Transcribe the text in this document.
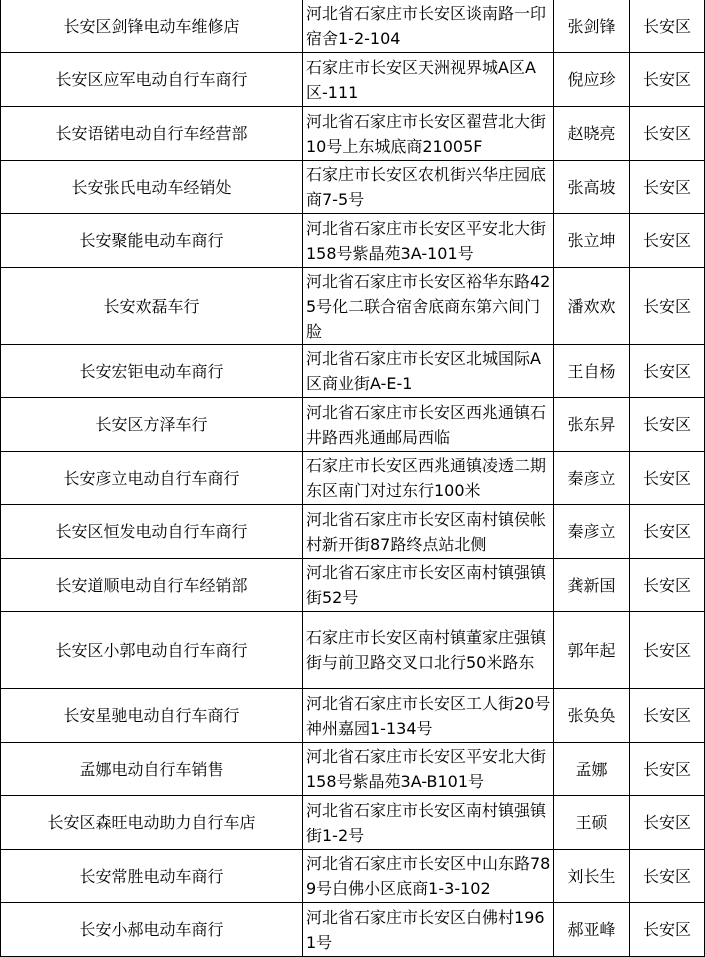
长安区剑锋电动车维修店	河北省石家庄市长安区谈南路一印宿舍1-2-104	张剑锋	长安区
长安区应军电动自行车商行	石家庄市长安区天洲视界城A区A区-111	倪应珍	长安区
长安语锘电动自行车经营部	河北省石家庄市长安区翟营北大街10号上东城底商21005F	赵晓亮	长安区
长安张氏电动车经销处	石家庄市长安区农机街兴华庄园底商7-5号	张高坡	长安区
长安聚能电动车商行	河北省石家庄市长安区平安北大街158号紫晶苑3A-101号	张立坤	长安区
长安欢磊车行	河北省石家庄市长安区裕华东路425号化二联合宿舍底商东第六间门脸	潘欢欢	长安区
长安宏钜电动车商行	河北省石家庄市长安区北城国际A区商业街A-E-1	王自杨	长安区
长安区方泽车行	河北省石家庄市长安区西兆通镇石井路西兆通邮局西临	张东昇	长安区
长安彦立电动自行车商行	石家庄市长安区西兆通镇凌透二期东区南门对过东行100米	秦彦立	长安区
长安区恒发电动自行车商行	河北省石家庄市长安区南村镇侯帐村新开街87路终点站北侧	秦彦立	长安区
长安道顺电动自行车经销部	河北省石家庄市长安区南村镇强镇街52号	龚新国	长安区
长安区小郭电动自行车商行	石家庄市长安区南村镇董家庄强镇街与前卫路交叉口北行50米路东	郭年起	长安区
长安星驰电动自行车商行	河北省石家庄市长安区工人街20号神州嘉园1-134号	张奂奂	长安区
孟娜电动自行车销售	河北省石家庄市长安区平安北大街158号紫晶苑3A-B101号	孟娜	长安区
长安区森旺电动助力自行车店	河北省石家庄市长安区南村镇强镇街1-2号	王硕	长安区
长安常胜电动车商行	河北省石家庄市长安区中山东路789号白佛小区底商1-3-102	刘长生	长安区
长安小郝电动车商行	河北省石家庄市长安区白佛村1961号	郝亚峰	长安区
